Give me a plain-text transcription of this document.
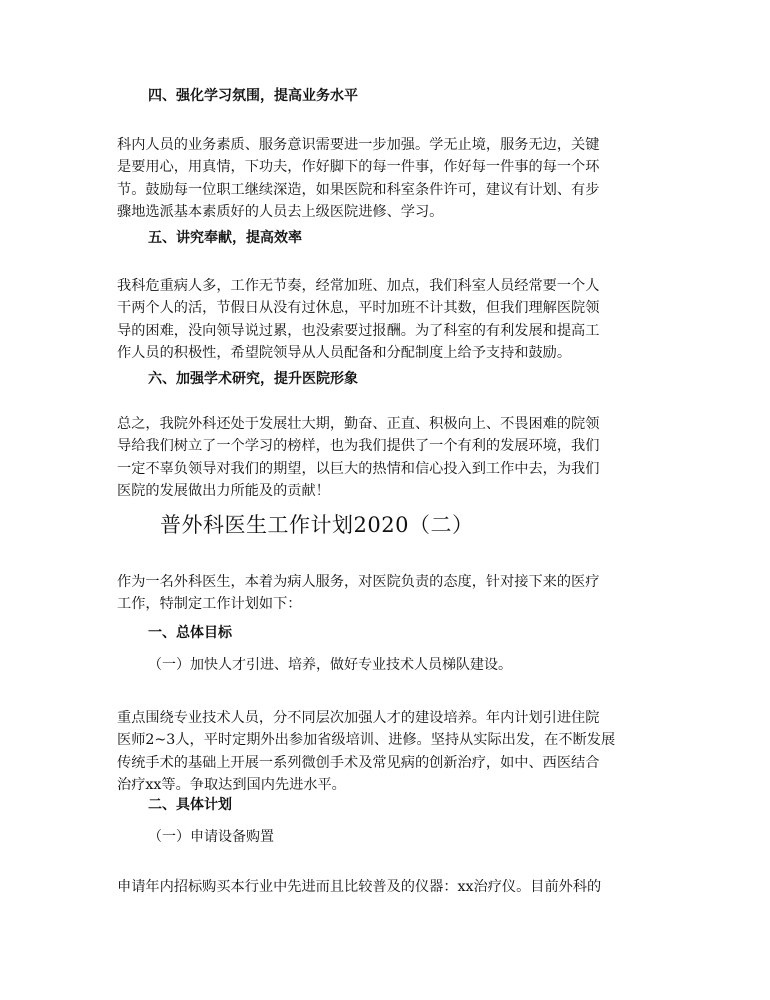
四、强化学习氛围，提高业务水平
科内人员的业务素质、服务意识需要进一步加强。学无止境，服务无边，关键
是要用心，用真情，下功夫，作好脚下的每一件事，作好每一件事的每一个环
节。鼓励每一位职工继续深造，如果医院和科室条件许可，建议有计划、有步
骤地选派基本素质好的人员去上级医院进修、学习。
五、讲究奉献，提高效率
我科危重病人多，工作无节奏，经常加班、加点，我们科室人员经常要一个人
干两个人的活，节假日从没有过休息，平时加班不计其数，但我们理解医院领
导的困难，没向领导说过累，也没索要过报酬。为了科室的有利发展和提高工
作人员的积极性，希望院领导从人员配备和分配制度上给予支持和鼓励。
六、加强学术研究，提升医院形象
总之，我院外科还处于发展壮大期，勤奋、正直、积极向上、不畏困难的院领
导给我们树立了一个学习的榜样，也为我们提供了一个有利的发展环境，我们
一定不辜负领导对我们的期望，以巨大的热情和信心投入到工作中去，为我们
医院的发展做出力所能及的贡献！
普外科医生工作计划2020（二）
作为一名外科医生，本着为病人服务，对医院负责的态度，针对接下来的医疗
工作，特制定工作计划如下：
一、总体目标
（一）加快人才引进、培养，做好专业技术人员梯队建设。
重点围绕专业技术人员，分不同层次加强人才的建设培养。年内计划引进住院
医师2~3人，平时定期外出参加省级培训、进修。坚持从实际出发，在不断发展
传统手术的基础上开展一系列微创手术及常见病的创新治疗，如中、西医结合
治疗xx等。争取达到国内先进水平。
二、具体计划
（一）申请设备购置
申请年内招标购买本行业中先进而且比较普及的仪器：xx治疗仪。目前外科的
